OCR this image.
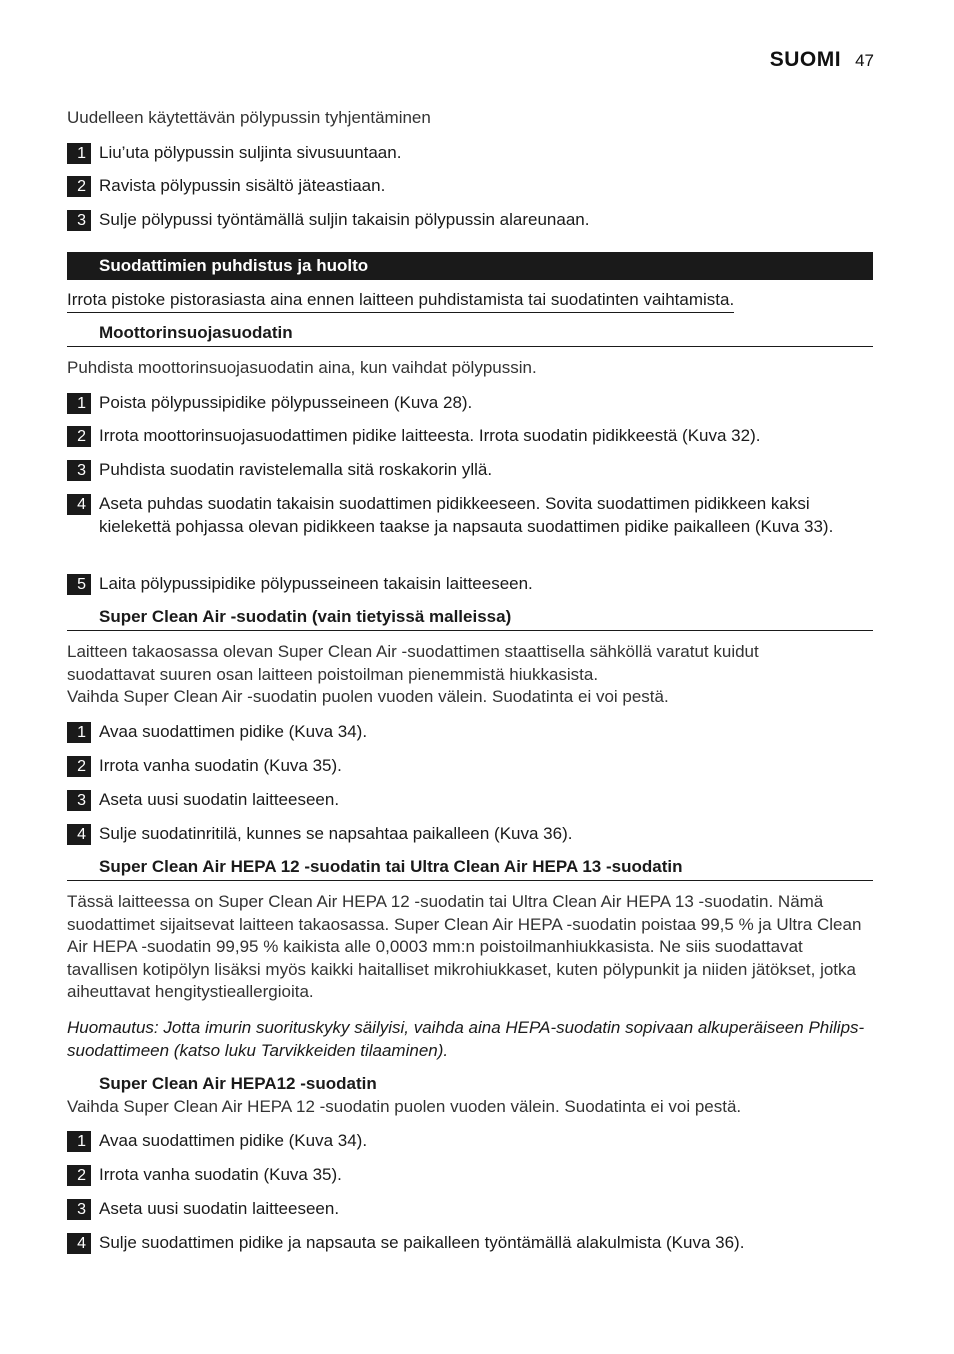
SUOMI 47
Uudelleen käytettävän pölypussin tyhjentäminen
1 Liu’uta pölypussin suljinta sivusuuntaan.
2 Ravista pölypussin sisältö jäteastiaan.
3 Sulje pölypussi työntämällä suljin takaisin pölypussin alareunaan.
Suodattimien puhdistus ja huolto
Irrota pistoke pistorasiasta aina ennen laitteen puhdistamista tai suodatinten vaihtamista.
Moottorinsuojasuodatin
Puhdista moottorinsuojasuodatin aina, kun vaihdat pölypussin.
1 Poista pölypussipidike pölypusseineen (Kuva 28).
2 Irrota moottorinsuojasuodattimen pidike laitteesta. Irrota suodatin pidikkeestä (Kuva 32).
3 Puhdista suodatin ravistelemalla sitä roskakorin yllä.
4 Aseta puhdas suodatin takaisin suodattimen pidikkeeseen. Sovita suodattimen pidikkeen kaksi kielekettä pohjassa olevan pidikkeen taakse ja napsauta suodattimen pidike paikalleen (Kuva 33).
5 Laita pölypussipidike pölypusseineen takaisin laitteeseen.
Super Clean Air -suodatin (vain tietyissä malleissa)
Laitteen takaosassa olevan Super Clean Air -suodattimen staattisella sähköllä varatut kuidut suodattavat suuren osan laitteen poistoilman pienemmistä hiukkasista.
Vaihda Super Clean Air -suodatin puolen vuoden välein. Suodatinta ei voi pestä.
1 Avaa suodattimen pidike (Kuva 34).
2 Irrota vanha suodatin (Kuva 35).
3 Aseta uusi suodatin laitteeseen.
4 Sulje suodatinritilä, kunnes se napsahtaa paikalleen (Kuva 36).
Super Clean Air HEPA 12 -suodatin tai Ultra Clean Air HEPA 13 -suodatin
Tässä laitteessa on Super Clean Air HEPA 12 -suodatin tai Ultra Clean Air HEPA 13 -suodatin. Nämä suodattimet sijaitsevat laitteen takaosassa. Super Clean Air HEPA -suodatin poistaa 99,5 % ja Ultra Clean Air HEPA -suodatin 99,95 % kaikista alle 0,0003 mm:n poistoilmanhiukkasista. Ne siis suodattavat tavallisen kotipölyn lisäksi myös kaikki haitalliset mikrohiukkaset, kuten pölypunkit ja niiden jätökset, jotka aiheuttavat hengitystieallergioita.
Huomautus: Jotta imurin suorituskyky säilyisi, vaihda aina HEPA-suodatin sopivaan alkuperäiseen Philips-suodattimeen (katso luku Tarvikkeiden tilaaminen).
Super Clean Air HEPA12 -suodatin
Vaihda Super Clean Air HEPA 12 -suodatin puolen vuoden välein. Suodatinta ei voi pestä.
1 Avaa suodattimen pidike (Kuva 34).
2 Irrota vanha suodatin (Kuva 35).
3 Aseta uusi suodatin laitteeseen.
4 Sulje suodattimen pidike ja napsauta se paikalleen työntämällä alakulmista (Kuva 36).
